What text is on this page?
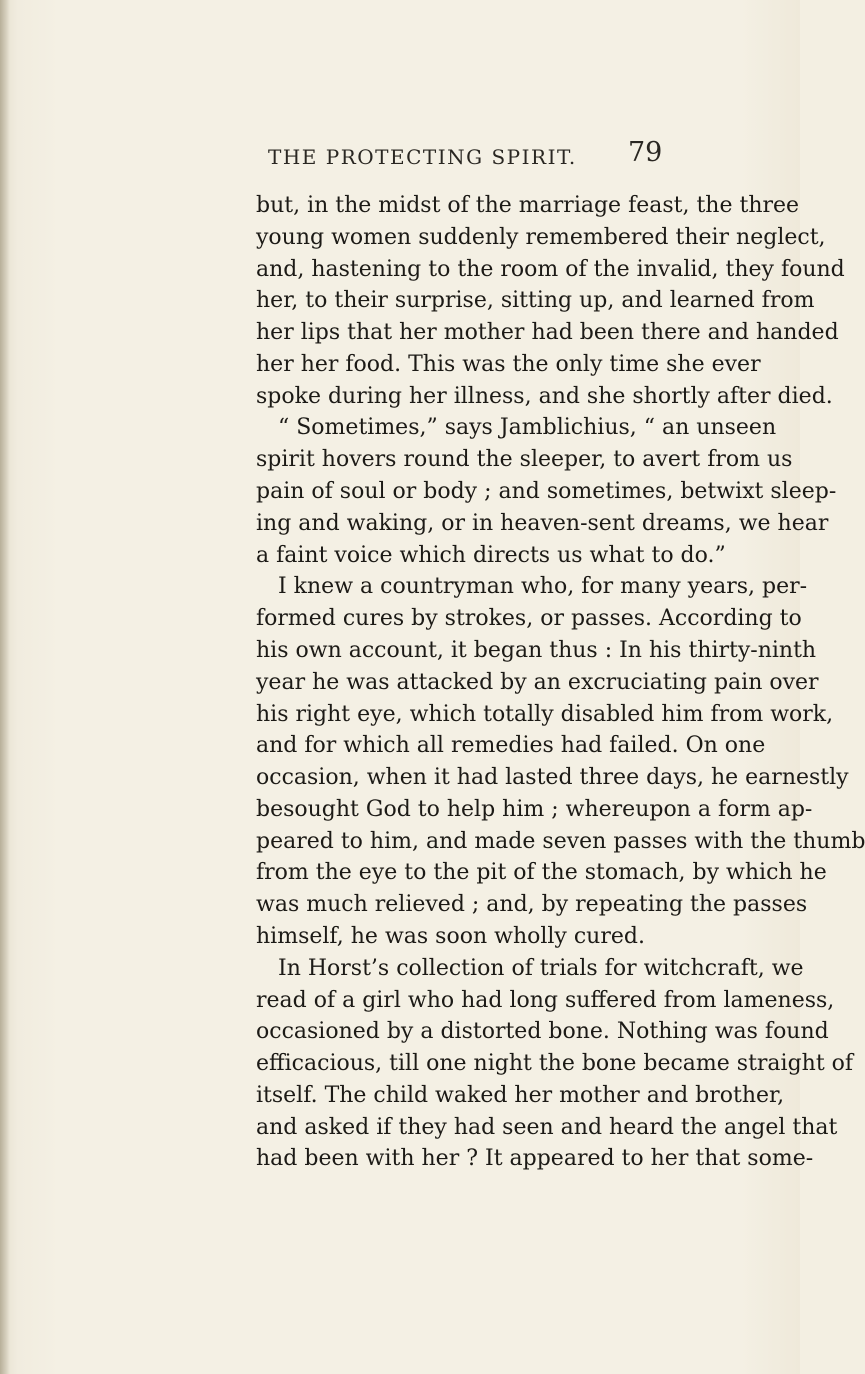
THE PROTECTING SPIRIT. 79
but, in the midst of the marriage feast, the three
young women suddenly remembered their neglect,
and, hastening to the room of the invalid, they found
her, to their surprise, sitting up, and learned from
her lips that her mother had been there and handed
her her food. This was the only time she ever
spoke during her illness, and she shortly after died.
“ Sometimes,” says Jamblichius, “ an unseen
spirit hovers round the sleeper, to avert from us
pain of soul or body ; and sometimes, betwixt sleep-
ing and waking, or in heaven-sent dreams, we hear
a faint voice which directs us what to do.”
I knew a countryman who, for many years, per-
formed cures by strokes, or passes. According to
his own account, it began thus : In his thirty-ninth
year he was attacked by an excruciating pain over
his right eye, which totally disabled him from work,
and for which all remedies had failed. On one
occasion, when it had lasted three days, he earnestly
besought God to help him ; whereupon a form ap-
peared to him, and made seven passes with the thumb
from the eye to the pit of the stomach, by which he
was much relieved ; and, by repeating the passes
himself, he was soon wholly cured.
In Horst’s collection of trials for witchcraft, we
read of a girl who had long suffered from lameness,
occasioned by a distorted bone. Nothing was found
efficacious, till one night the bone became straight of
itself. The child waked her mother and brother,
and asked if they had seen and heard the angel that
had been with her ? It appeared to her that some-
